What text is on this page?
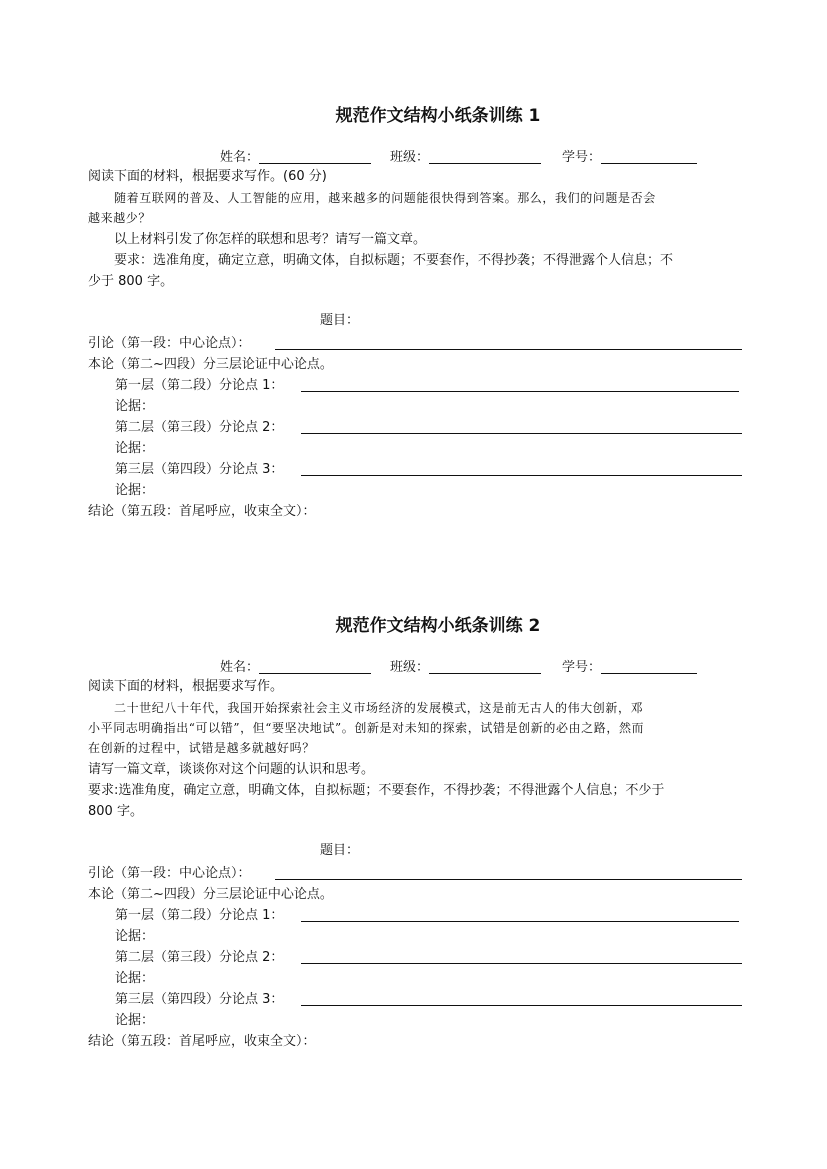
规范作文结构小纸条训练 1
姓名：	班级：	学号：
阅读下面的材料，根据要求写作。(60 分)
随着互联网的普及、人工智能的应用，越来越多的问题能很快得到答案。那么，我们的问题是否会
越来越少？
以上材料引发了你怎样的联想和思考？请写一篇文章。
要求：选准角度，确定立意，明确文体，自拟标题；不要套作，不得抄袭；不得泄露个人信息；不
少于 800 字。
题目：
引论（第一段：中心论点）：
本论（第二~四段）分三层论证中心论点。
第一层（第二段）分论点 1：
论据：
第二层（第三段）分论点 2：
论据：
第三层（第四段）分论点 3：
论据：
结论（第五段：首尾呼应，收束全文）：
规范作文结构小纸条训练 2
姓名：	班级：	学号：
阅读下面的材料，根据要求写作。
二十世纪八十年代，我国开始探索社会主义市场经济的发展模式，这是前无古人的伟大创新，邓
小平同志明确指出“可以错”，但“要坚决地试”。创新是对未知的探索，试错是创新的必由之路，然而
在创新的过程中，试错是越多就越好吗？
请写一篇文章，谈谈你对这个问题的认识和思考。
要求:选准角度，确定立意，明确文体，自拟标题；不要套作，不得抄袭；不得泄露个人信息；不少于
800 字。
题目：
引论（第一段：中心论点）：
本论（第二~四段）分三层论证中心论点。
第一层（第二段）分论点 1：
论据：
第二层（第三段）分论点 2：
论据：
第三层（第四段）分论点 3：
论据：
结论（第五段：首尾呼应，收束全文）：
